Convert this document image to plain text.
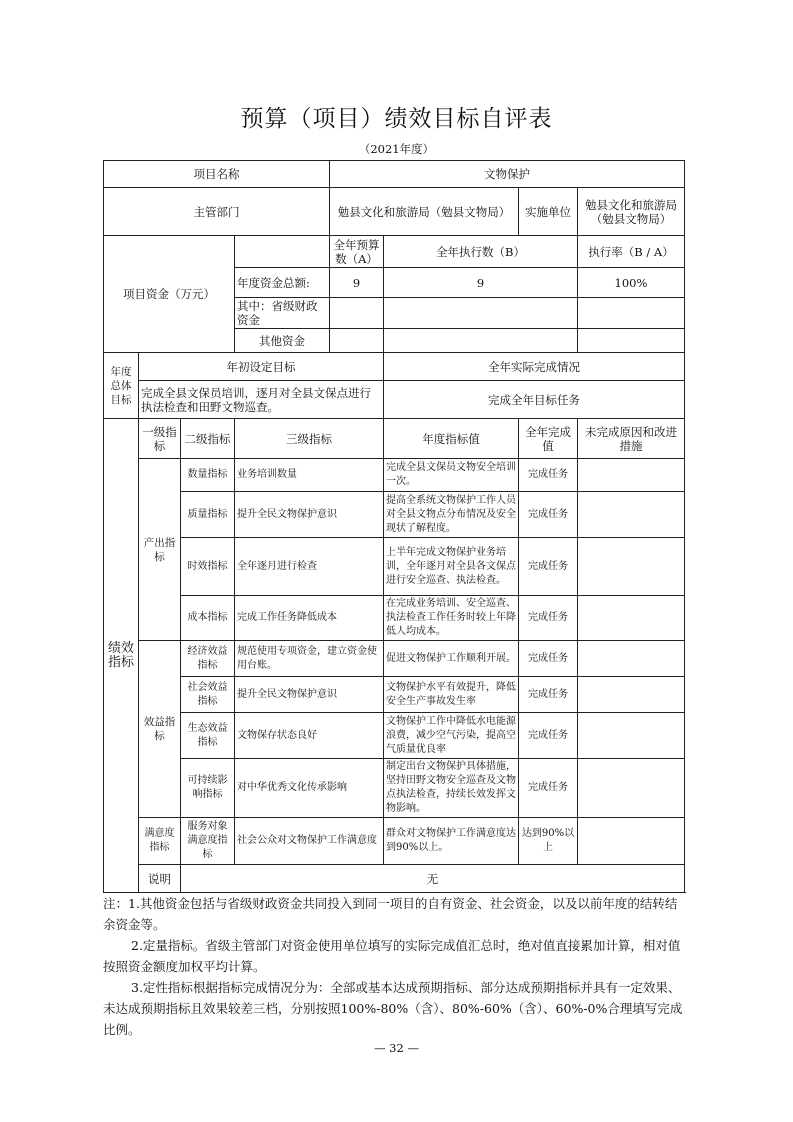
预算（项目）绩效目标自评表
（2021年度）
项目名称				文物保护			
主管部门				勉县文化和旅游局（勉县文物局）		实施单位	勉县文化和旅游局（勉县文物局）
项目资金（万元）				全年预算数（A）	全年执行数（B）		执行率（B / A）
			年度资金总额:	9	9		100%
			其中：省级财政资金				
			其他资金				
年度总体目标	年初设定目标				全年实际完成情况		
	完成全县文保员培训，逐月对全县文保点进行执法检查和田野文物巡查。				完成全年目标任务		
绩效指标	一级指标	二级指标	三级指标		年度指标值	全年完成值	未完成原因和改进措施
	产出指标	数量指标	业务培训数量		完成全县文保员文物安全培训一次。	完成任务	
		质量指标	提升全民文物保护意识		提高全系统文物保护工作人员对全县文物点分布情况及安全现状了解程度。	完成任务	
		时效指标	全年逐月进行检查		上半年完成文物保护业务培训，全年逐月对全县各文保点进行安全巡查、执法检查。	完成任务	
		成本指标	完成工作任务降低成本		在完成业务培训、安全巡查、执法检查工作任务时较上年降低人均成本。	完成任务	
	效益指标	经济效益指标	规范使用专项资金，建立资金使用台账。		促进文物保护工作顺利开展。	完成任务	
		社会效益指标	提升全民文物保护意识		文物保护水平有效提升，降低安全生产事故发生率	完成任务	
		生态效益指标	文物保存状态良好		文物保护工作中降低水电能源浪费，减少空气污染，提高空气质量优良率	完成任务	
		可持续影响指标	对中华优秀文化传承影响		制定出台文物保护具体措施，坚持田野文物安全巡查及文物点执法检查，持续长效发挥文物影响。	完成任务	
	满意度指标	服务对象满意度指标	社会公众对文物保护工作满意度		群众对文物保护工作满意度达到90%以上。	达到90%以上	
	说明	无					

注：1.其他资金包括与省级财政资金共同投入到同一项目的自有资金、社会资金，以及以前年度的结转结余资金等。

2.定量指标。省级主管部门对资金使用单位填写的实际完成值汇总时，绝对值直接累加计算，相对值按照资金额度加权平均计算。

3.定性指标根据指标完成情况分为：全部或基本达成预期指标、部分达成预期指标并具有一定效果、未达成预期指标且效果较差三档，分别按照100%-80%（含）、80%-60%（含）、60%-0%合理填写完成比例。

— 32 —
